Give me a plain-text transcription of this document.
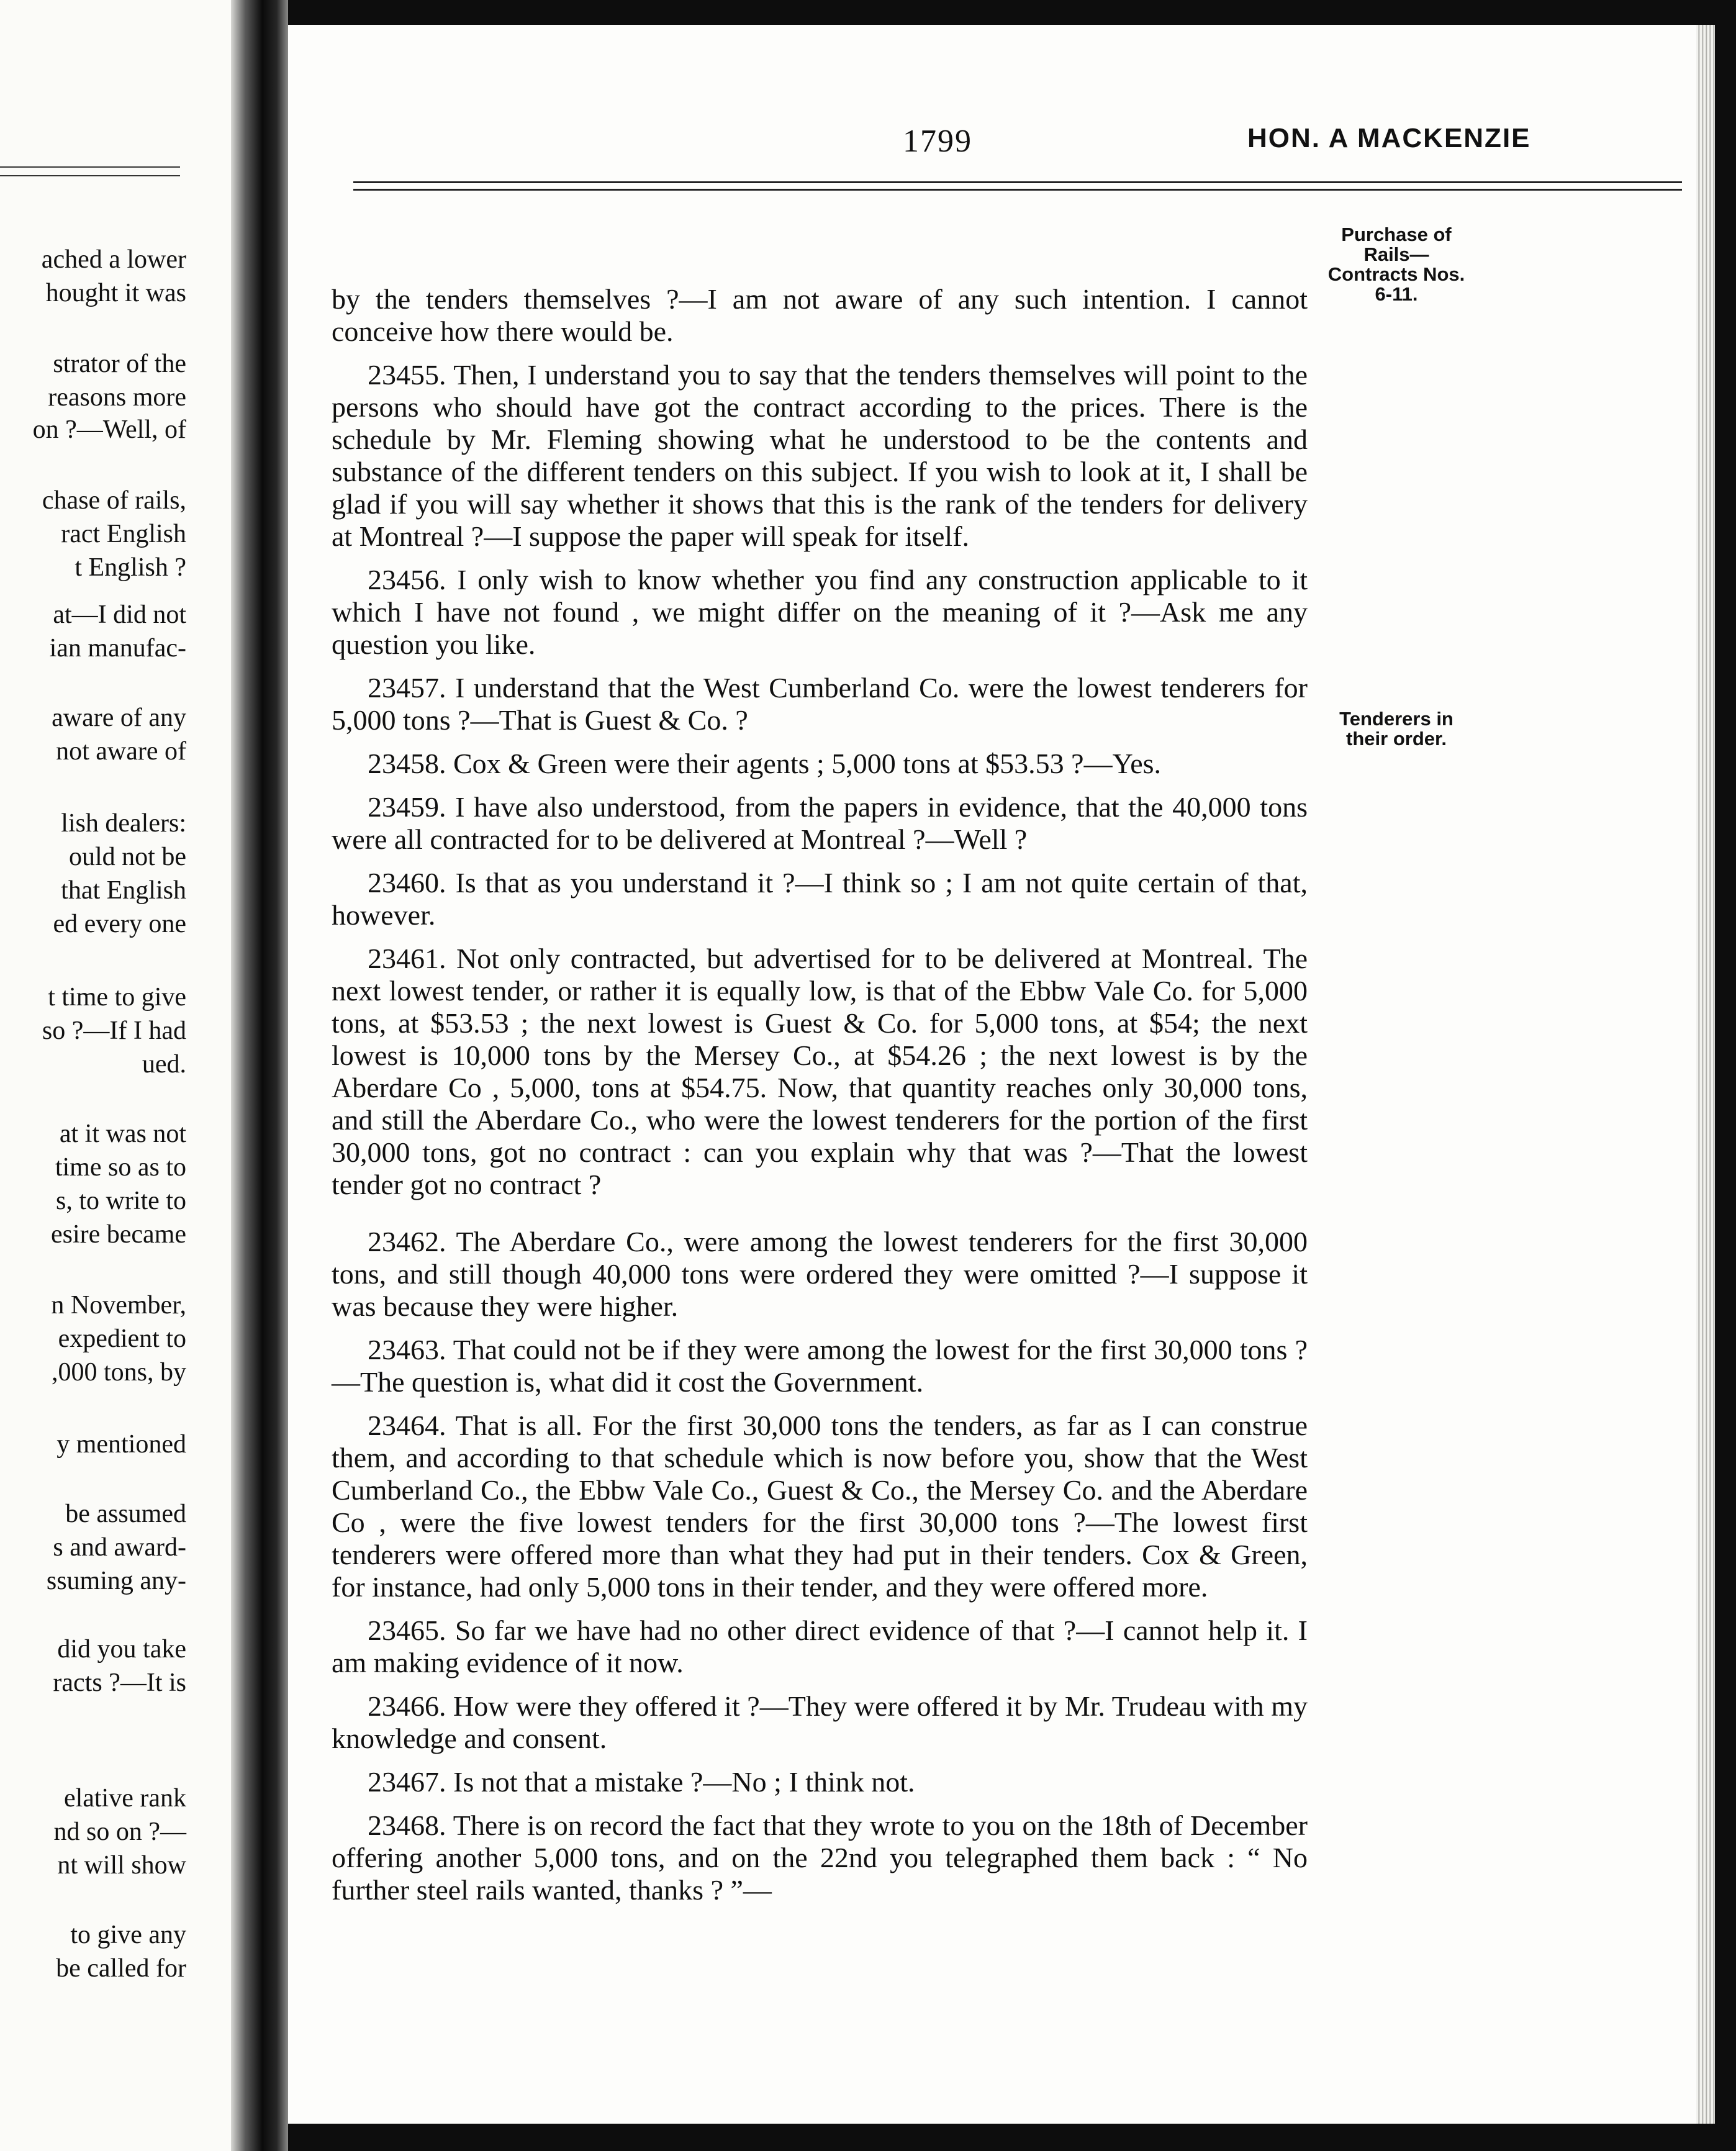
ached a lower
hought it was
strator of the
reasons more
on ?—Well, of
chase of rails,
ract English
t English ?
at—I did not
ian manufac-
aware of any
not aware of
lish dealers:
ould not be
that English
ed every one
t time to give
so ?—If I had
ued.
at it was not
time so as to
s, to write to
esire became
n November,
expedient to
,000 tons, by
y mentioned
be assumed
s and award-
ssuming any-
did you take
racts ?—It is
elative rank
nd so on ?—
nt will show
to give any
be called for
1799	HON. A MACKENZIE
Purchase of
Rails—
Contracts Nos.
6-11.
Tenderers in
their order.

by the tenders themselves ?—I am not aware of any such intention. I cannot conceive how there would be.

23455. Then, I understand you to say that the tenders themselves will point to the persons who should have got the contract according to the prices. There is the schedule by Mr. Fleming showing what he understood to be the contents and substance of the different tenders on this subject. If you wish to look at it, I shall be glad if you will say whether it shows that this is the rank of the tenders for delivery at Montreal ?—I suppose the paper will speak for itself.

23456. I only wish to know whether you find any construction applicable to it which I have not found , we might differ on the meaning of it ?—Ask me any question you like.

23457. I understand that the West Cumberland Co. were the lowest tenderers for 5,000 tons ?—That is Guest & Co. ?

23458. Cox & Green were their agents ; 5,000 tons at $53.53 ?—Yes.

23459. I have also understood, from the papers in evidence, that the 40,000 tons were all contracted for to be delivered at Montreal ?—Well ?

23460. Is that as you understand it ?—I think so ; I am not quite certain of that, however.

23461. Not only contracted, but advertised for to be delivered at Montreal. The next lowest tender, or rather it is equally low, is that of the Ebbw Vale Co. for 5,000 tons, at $53.53 ; the next lowest is Guest & Co. for 5,000 tons, at $54; the next lowest is 10,000 tons by the Mersey Co., at $54.26 ; the next lowest is by the Aberdare Co , 5,000, tons at $54.75. Now, that quantity reaches only 30,000 tons, and still the Aberdare Co., who were the lowest tenderers for the portion of the first 30,000 tons, got no contract : can you explain why that was ?—That the lowest tender got no contract ?

23462. The Aberdare Co., were among the lowest tenderers for the first 30,000 tons, and still though 40,000 tons were ordered they were omitted ?—I suppose it was because they were higher.

23463. That could not be if they were among the lowest for the first 30,000 tons ?—The question is, what did it cost the Government.

23464. That is all. For the first 30,000 tons the tenders, as far as I can construe them, and according to that schedule which is now before you, show that the West Cumberland Co., the Ebbw Vale Co., Guest & Co., the Mersey Co. and the Aberdare Co , were the five lowest tenders for the first 30,000 tons ?—The lowest first tenderers were offered more than what they had put in their tenders. Cox & Green, for instance, had only 5,000 tons in their tender, and they were offered more.

23465. So far we have had no other direct evidence of that ?—I cannot help it. I am making evidence of it now.

23466. How were they offered it ?—They were offered it by Mr. Trudeau with my knowledge and consent.

23467. Is not that a mistake ?—No ; I think not.

23468. There is on record the fact that they wrote to you on the 18th of December offering another 5,000 tons, and on the 22nd you telegraphed them back : “ No further steel rails wanted, thanks ? ”—
